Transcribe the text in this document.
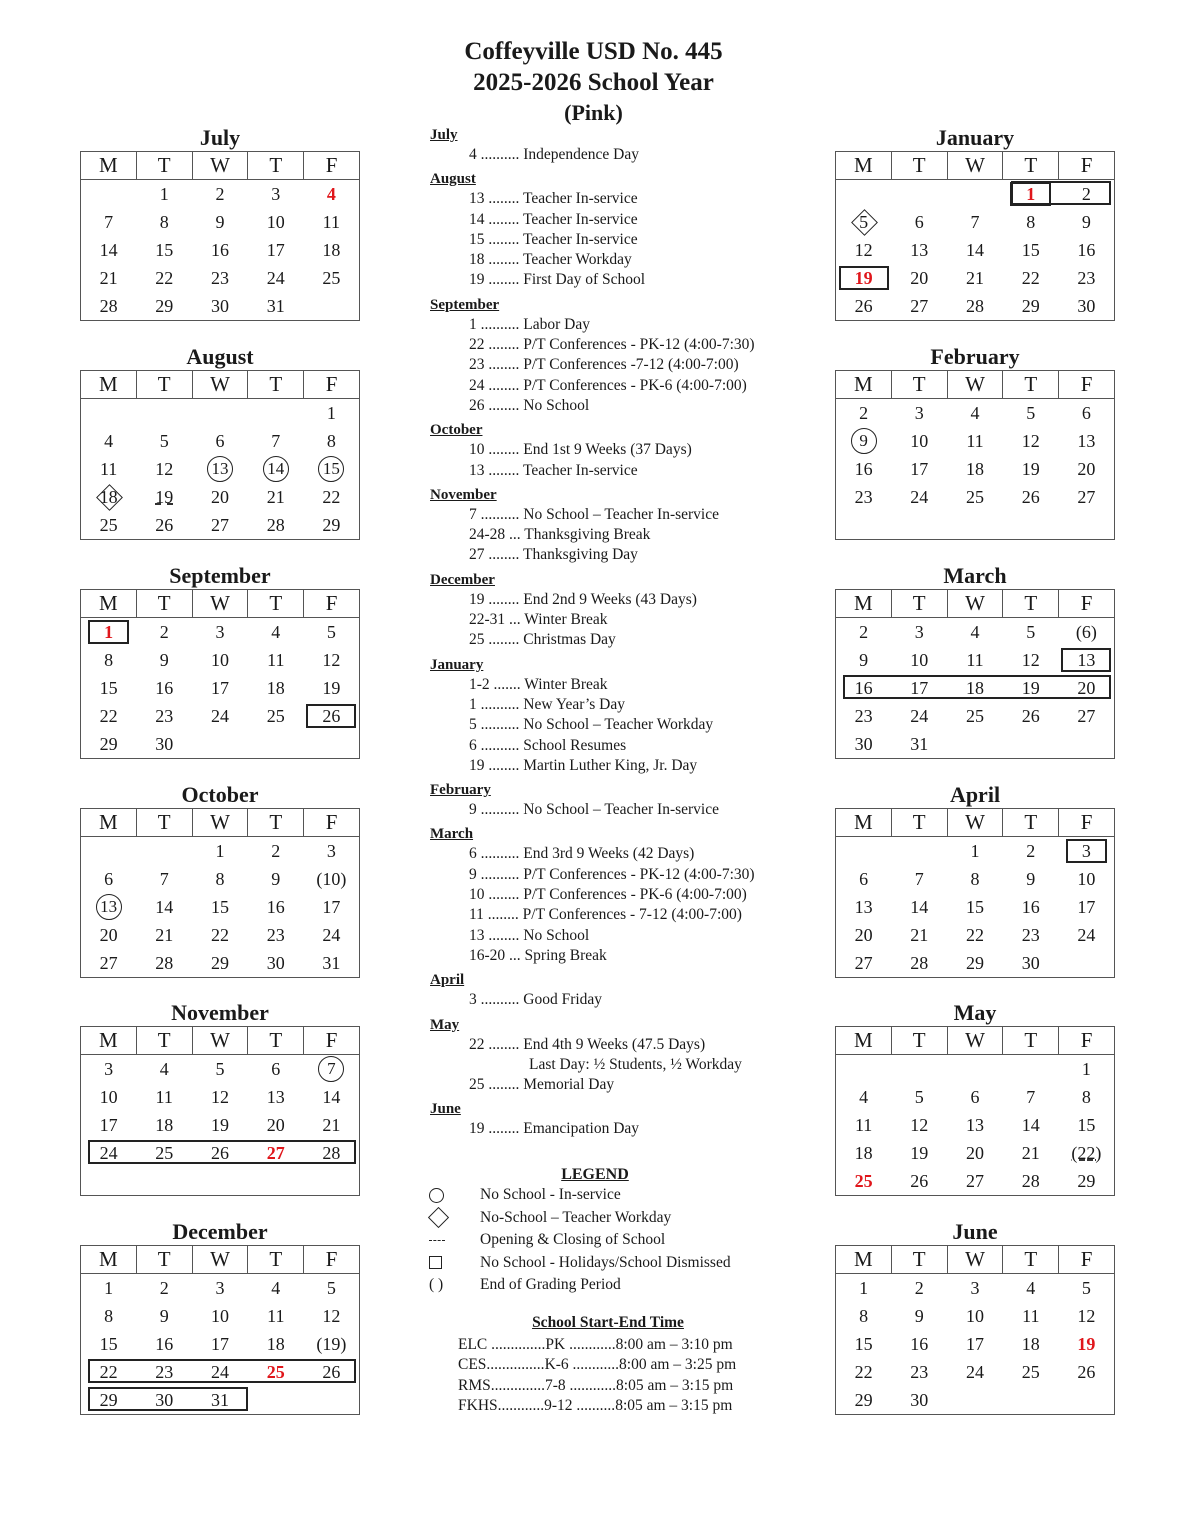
Coffeyville USD No. 445
2025-2026 School Year
(Pink)
July
4 .......... Independence Day
August
13 ........ Teacher In-service
14 ........ Teacher In-service
15 ........ Teacher In-service
18 ........ Teacher Workday
19 ........ First Day of School
September
1 .......... Labor Day
22 ........ P/T Conferences - PK-12 (4:00-7:30)
23 ........ P/T Conferences -7-12 (4:00-7:00)
24 ........ P/T Conferences - PK-6 (4:00-7:00)
26 ........ No School
October
10 ........ End 1st 9 Weeks (37 Days)
13 ........ Teacher In-service
November
7 .......... No School – Teacher In-service
24-28 ... Thanksgiving Break
27 ........ Thanksgiving Day
December
19 ........ End 2nd 9 Weeks (43 Days)
22-31 ... Winter Break
25 ........ Christmas Day
January
1-2 ....... Winter Break
1 .......... New Year’s Day
5 .......... No School – Teacher Workday
6 .......... School Resumes
19 ........ Martin Luther King, Jr. Day
February
9 .......... No School – Teacher In-service
March
6 .......... End 3rd 9 Weeks (42 Days)
9 .......... P/T Conferences - PK-12 (4:00-7:30)
10 ........ P/T Conferences - PK-6 (4:00-7:00)
11 ........ P/T Conferences - 7-12 (4:00-7:00)
13 ........ No School
16-20 ... Spring Break
April
3 .......... Good Friday
May
22 ........ End 4th 9 Weeks (47.5 Days)
Last Day: ½ Students, ½ Workday
25 ........ Memorial Day
June
19 ........ Emancipation Day
LEGEND
No School - In-service
No-School – Teacher Workday
Opening & Closing of School
No School - Holidays/School Dismissed
( )	End of Grading Period
School Start-End Time
ELC ..............PK ............8:00 am – 3:10 pm
CES...............K-6 ............8:00 am – 3:25 pm
RMS..............7-8 ............8:05 am – 3:15 pm
FKHS............9-12 ..........8:05 am – 3:15 pm
July
M	T	W	T	F
	1	2	3	4
7	8	9	10	11
14	15	16	17	18
21	22	23	24	25
28	29	30	31	
August
M	T	W	T	F
				1
4	5	6	7	8
11	12	13	14	15
18	19	20	21	22
25	26	27	28	29
September
M	T	W	T	F
1	2	3	4	5
8	9	10	11	12
15	16	17	18	19
22	23	24	25	26
29	30			
October
M	T	W	T	F
		1	2	3
6	7	8	9	(10)
13	14	15	16	17
20	21	22	23	24
27	28	29	30	31
November
M	T	W	T	F
3	4	5	6	7
10	11	12	13	14
17	18	19	20	21
24	25	26	27	28

December
M	T	W	T	F
1	2	3	4	5
8	9	10	11	12
15	16	17	18	(19)
22	23	24	25	26
29	30	31		
January
M	T	W	T	F
			1	2
5	6	7	8	9
12	13	14	15	16
19	20	21	22	23
26	27	28	29	30
February
M	T	W	T	F
2	3	4	5	6
9	10	11	12	13
16	17	18	19	20
23	24	25	26	27

March
M	T	W	T	F
2	3	4	5	(6)
9	10	11	12	13
16	17	18	19	20
23	24	25	26	27
30	31			
April
M	T	W	T	F
		1	2	3
6	7	8	9	10
13	14	15	16	17
20	21	22	23	24
27	28	29	30	
May
M	T	W	T	F
				1
4	5	6	7	8
11	12	13	14	15
18	19	20	21	(22)
25	26	27	28	29
June
M	T	W	T	F
1	2	3	4	5
8	9	10	11	12
15	16	17	18	19
22	23	24	25	26
29	30			
